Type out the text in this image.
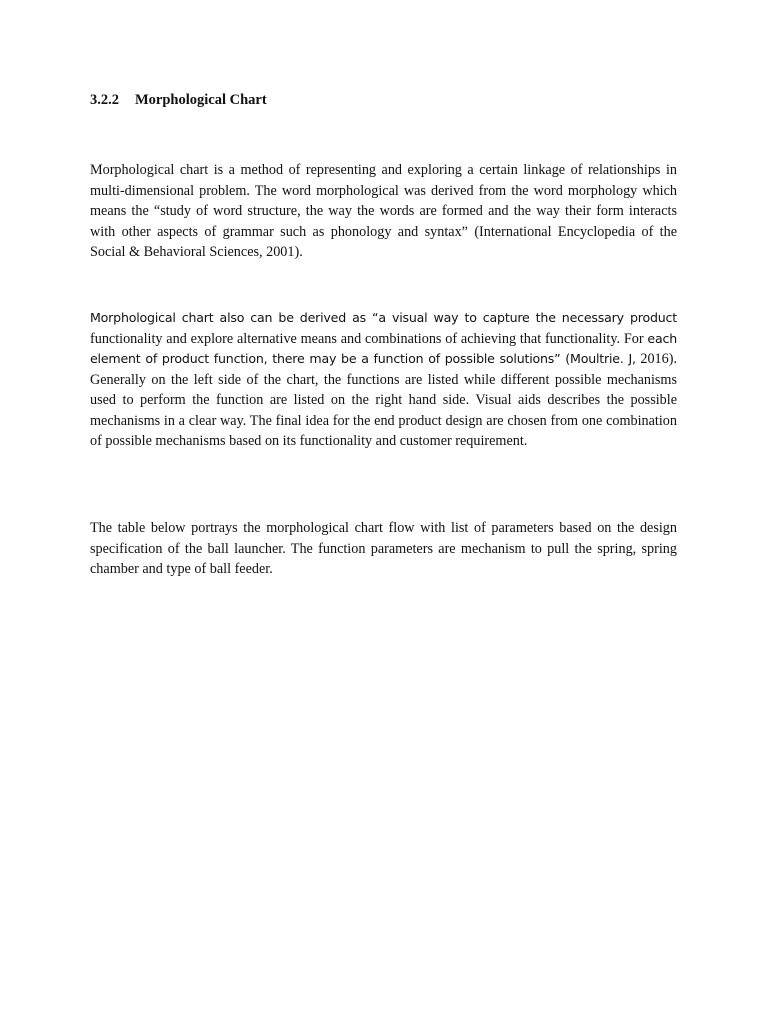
3.2.2 Morphological Chart

Morphological chart is a method of representing and exploring a certain linkage of relationships in multi-dimensional problem. The word morphological was derived from the word morphology which means the “study of word structure, the way the words are formed and the way their form interacts with other aspects of grammar such as phonology and syntax” (International Encyclopedia of the Social & Behavioral Sciences, 2001).

Morphological chart also can be derived as “a visual way to capture the necessary product functionality and explore alternative means and combinations of achieving that functionality. For each element of product function, there may be a function of possible solutions” (Moultrie. J, 2016). Generally on the left side of the chart, the functions are listed while different possible mechanisms used to perform the function are listed on the right hand side. Visual aids describes the possible mechanisms in a clear way. The final idea for the end product design are chosen from one combination of possible mechanisms based on its functionality and customer requirement.

The table below portrays the morphological chart flow with list of parameters based on the design specification of the ball launcher. The function parameters are mechanism to pull the spring, spring chamber and type of ball feeder.
